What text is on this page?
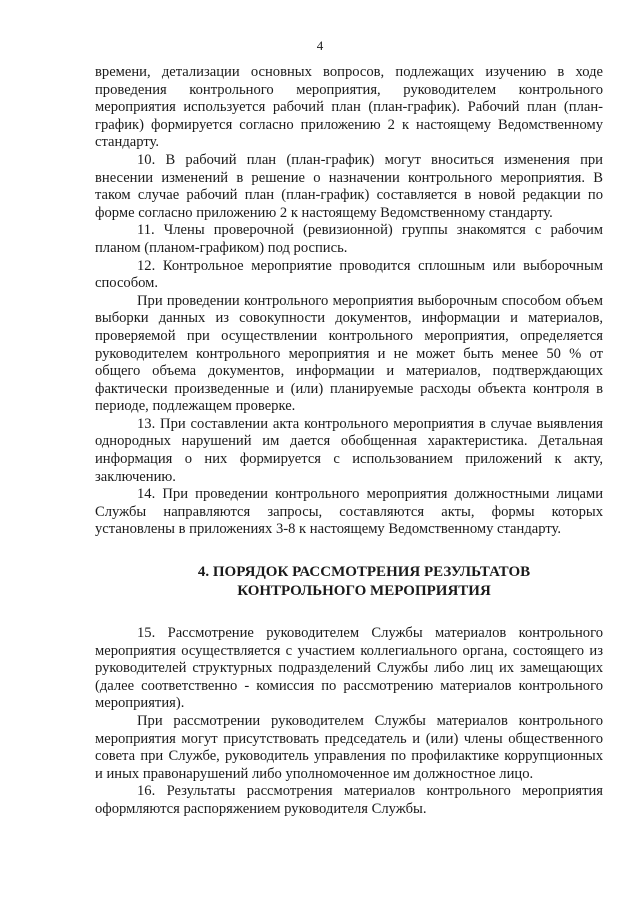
4

времени, детализации основных вопросов, подлежащих изучению в ходе проведения контрольного мероприятия, руководителем контрольного мероприятия используется рабочий план (план-график). Рабочий план (план-график) формируется согласно приложению 2 к настоящему Ведомственному стандарту.

10. В рабочий план (план-график) могут вноситься изменения при внесении изменений в решение о назначении контрольного мероприятия. В таком случае рабочий план (план-график) составляется в новой редакции по форме согласно приложению 2 к настоящему Ведомственному стандарту.

11. Члены проверочной (ревизионной) группы знакомятся с рабочим планом (планом-графиком) под роспись.

12. Контрольное мероприятие проводится сплошным или выборочным способом.

При проведении контрольного мероприятия выборочным способом объем выборки данных из совокупности документов, информации и материалов, проверяемой при осуществлении контрольного мероприятия, определяется руководителем контрольного мероприятия и не может быть менее 50 % от общего объема документов, информации и материалов, подтверждающих фактически произведенные и (или) планируемые расходы объекта контроля в периоде, подлежащем проверке.

13. При составлении акта контрольного мероприятия в случае выявления однородных нарушений им дается обобщенная характеристика. Детальная информация о них формируется с использованием приложений к акту, заключению.

14. При проведении контрольного мероприятия должностными лицами Службы направляются запросы, составляются акты, формы которых установлены в приложениях 3-8 к настоящему Ведомственному стандарту.

4. ПОРЯДОК РАССМОТРЕНИЯ РЕЗУЛЬТАТОВ
КОНТРОЛЬНОГО МЕРОПРИЯТИЯ

15. Рассмотрение руководителем Службы материалов контрольного мероприятия осуществляется с участием коллегиального органа, состоящего из руководителей структурных подразделений Службы либо лиц их замещающих (далее соответственно - комиссия по рассмотрению материалов контрольного мероприятия).

При рассмотрении руководителем Службы материалов контрольного мероприятия могут присутствовать председатель и (или) члены общественного совета при Службе, руководитель управления по профилактике коррупционных и иных правонарушений либо уполномоченное им должностное лицо.

16. Результаты рассмотрения материалов контрольного мероприятия оформляются распоряжением руководителя Службы.
